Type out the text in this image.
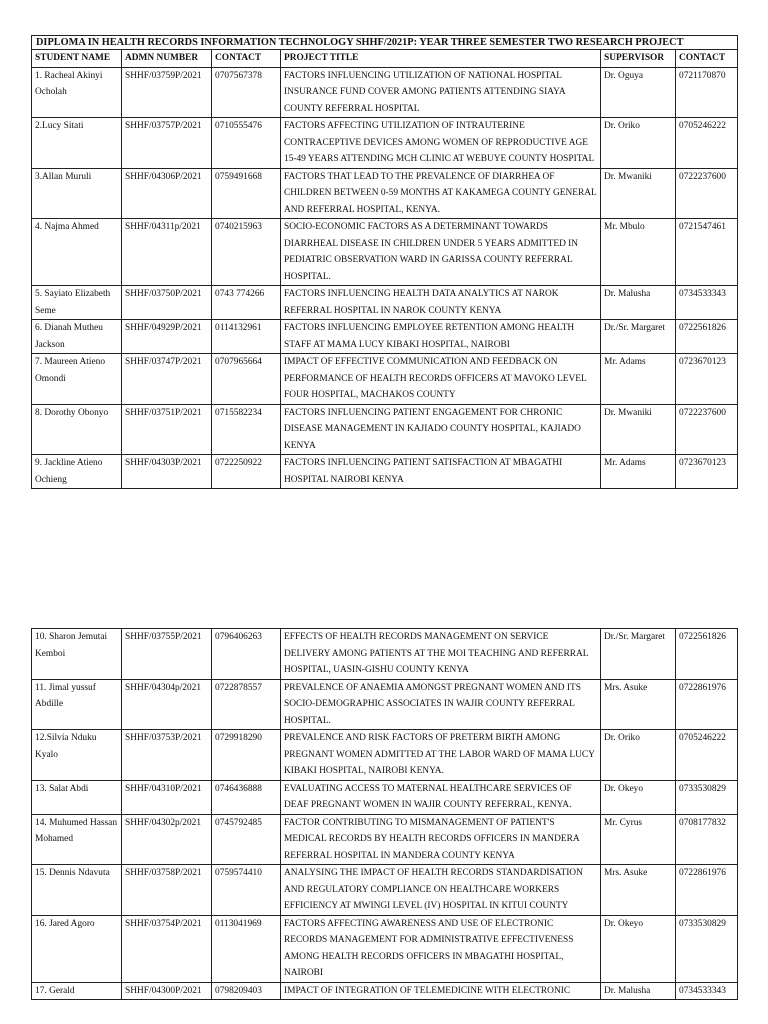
DIPLOMA IN HEALTH RECORDS INFORMATION TECHNOLOGY SHHF/2021P: YEAR THREE SEMESTER TWO RESEARCH PROJECT					
STUDENT NAME	ADMN NUMBER	CONTACT	PROJECT TITLE	SUPERVISOR	CONTACT
1. Racheal Akinyi Ocholah	SHHF/03759P/2021	0707567378	FACTORS INFLUENCING UTILIZATION OF NATIONAL HOSPITAL INSURANCE FUND COVER AMONG PATIENTS ATTENDING SIAYA COUNTY REFERRAL HOSPITAL	Dr. Oguya	0721170870
2.Lucy Sitati	SHHF/03757P/2021	0710555476	FACTORS AFFECTING UTILIZATION OF INTRAUTERINE CONTRACEPTIVE DEVICES AMONG WOMEN OF REPRODUCTIVE AGE 15-49 YEARS ATTENDING MCH CLINIC AT WEBUYE COUNTY HOSPITAL	Dr. Oriko	0705246222
3.Allan Muruli	SHHF/04306P/2021	0759491668	FACTORS THAT LEAD TO THE PREVALENCE OF DIARRHEA OF CHILDREN BETWEEN 0-59 MONTHS AT KAKAMEGA COUNTY GENERAL AND REFERRAL HOSPITAL, KENYA.	Dr. Mwaniki	0722237600
4. Najma Ahmed	SHHF/04311p/2021	0740215963	SOCIO-ECONOMIC FACTORS AS A DETERMINANT TOWARDS DIARRHEAL DISEASE IN CHILDREN UNDER 5 YEARS ADMITTED IN PEDIATRIC OBSERVATION WARD IN GARISSA COUNTY REFERRAL HOSPITAL.	Mr. Mbulo	0721547461
5. Sayiato Elizabeth Seme	SHHF/03750P/2021	0743 774266	FACTORS INFLUENCING HEALTH DATA ANALYTICS AT NAROK REFERRAL HOSPITAL IN NAROK COUNTY KENYA	Dr. Malusha	0734533343
6. Dianah Mutheu Jackson	SHHF/04929P/2021	0114132961	FACTORS INFLUENCING EMPLOYEE RETENTION AMONG HEALTH STAFF AT MAMA LUCY KIBAKI HOSPITAL, NAIROBI	Dr./Sr. Margaret	0722561826
7. Maureen Atieno Omondi	SHHF/03747P/2021	0707965664	IMPACT OF EFFECTIVE COMMUNICATION AND FEEDBACK ON PERFORMANCE OF HEALTH RECORDS OFFICERS AT MAVOKO LEVEL FOUR HOSPITAL, MACHAKOS COUNTY	Mr. Adams	0723670123
8. Dorothy Obonyo	SHHF/03751P/2021	0715582234	FACTORS INFLUENCING PATIENT ENGAGEMENT FOR CHRONIC DISEASE MANAGEMENT IN KAJIADO COUNTY HOSPITAL, KAJIADO KENYA	Dr. Mwaniki	0722237600
9. Jackline Atieno Ochieng	SHHF/04303P/2021	0722250922	FACTORS INFLUENCING PATIENT SATISFACTION AT MBAGATHI HOSPITAL NAIROBI KENYA	Mr. Adams	0723670123
10. Sharon Jemutai Kemboi	SHHF/03755P/2021	0796406263	EFFECTS OF HEALTH RECORDS MANAGEMENT ON SERVICE DELIVERY AMONG PATIENTS AT THE MOI TEACHING AND REFERRAL HOSPITAL, UASIN-GISHU COUNTY KENYA	Dr./Sr. Margaret	0722561826
11. Jimal yussuf Abdille	SHHF/04304p/2021	0722878557	PREVALENCE OF ANAEMIA AMONGST PREGNANT WOMEN AND ITS SOCIO-DEMOGRAPHIC ASSOCIATES IN WAJIR COUNTY REFERRAL HOSPITAL.	Mrs. Asuke	0722861976
12.Silvia Nduku Kyalo	SHHF/03753P/2021	0729918290	PREVALENCE AND RISK FACTORS OF PRETERM BIRTH AMONG PREGNANT WOMEN ADMITTED AT THE LABOR WARD OF MAMA LUCY KIBAKI HOSPITAL, NAIROBI KENYA.	Dr. Oriko	0705246222
13. Salat Abdi	SHHF/04310P/2021	0746436888	EVALUATING ACCESS TO MATERNAL HEALTHCARE SERVICES OF DEAF PREGNANT WOMEN IN WAJIR COUNTY REFERRAL, KENYA.	Dr. Okeyo	0733530829
14. Muhumed Hassan Mohamed	SHHF/04302p/2021	0745792485	FACTOR CONTRIBUTING TO MISMANAGEMENT OF PATIENT'S MEDICAL RECORDS BY HEALTH RECORDS OFFICERS IN MANDERA REFERRAL HOSPITAL IN MANDERA COUNTY KENYA	Mr. Cyrus	0708177832
15. Dennis Ndavuta	SHHF/03758P/2021	0759574410	ANALYSING THE IMPACT OF HEALTH RECORDS STANDARDISATION AND REGULATORY COMPLIANCE ON HEALTHCARE WORKERS EFFICIENCY AT MWINGI LEVEL (IV) HOSPITAL IN KITUI COUNTY	Mrs. Asuke	0722861976
16. Jared Agoro	SHHF/03754P/2021	0113041969	FACTORS AFFECTING AWARENESS AND USE OF ELECTRONIC RECORDS MANAGEMENT FOR ADMINISTRATIVE EFFECTIVENESS AMONG HEALTH RECORDS OFFICERS IN MBAGATHI HOSPITAL, NAIROBI	Dr. Okeyo	0733530829
17. Gerald	SHHF/04300P/2021	0798209403	IMPACT OF INTEGRATION OF TELEMEDICINE WITH ELECTRONIC	Dr. Malusha	0734533343
